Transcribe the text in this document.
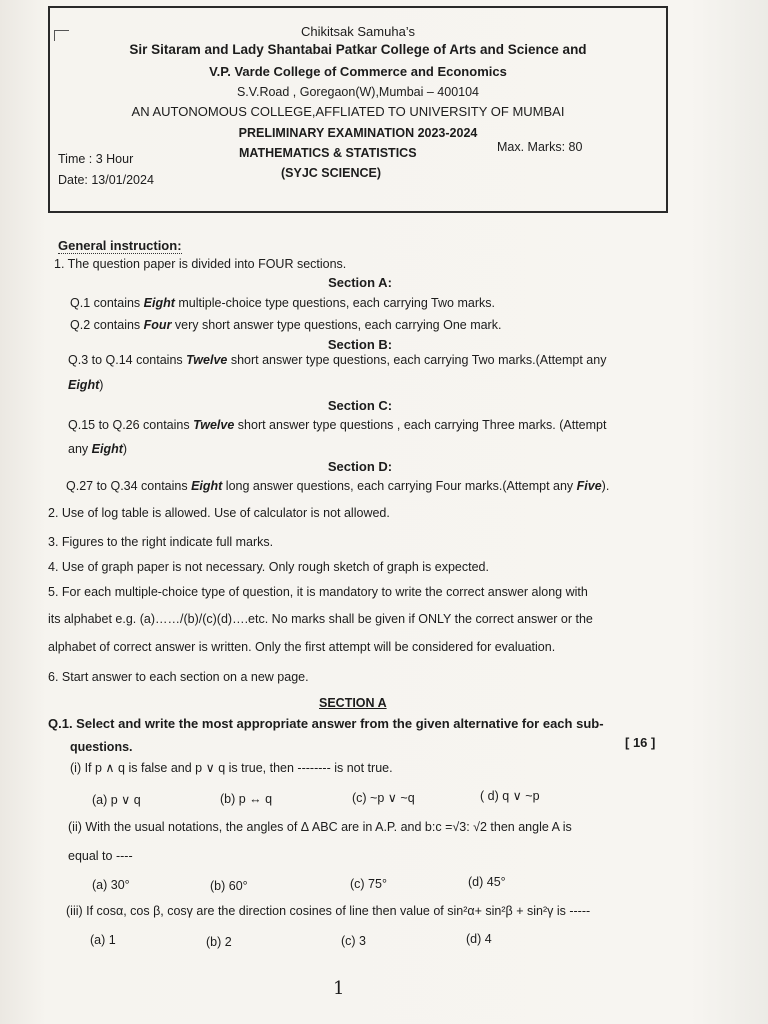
Chikitsak Samuha’s
Sir Sitaram and Lady Shantabai Patkar College of Arts and Science and
V.P. Varde College of Commerce and Economics
S.V.Road , Goregaon(W),Mumbai – 400104
AN AUTONOMOUS COLLEGE,AFFLIATED TO UNIVERSITY OF MUMBAI
PRELIMINARY EXAMINATION 2023-2024
Time : 3 Hour	MATHEMATICS & STATISTICS	Max. Marks: 80
Date: 13/01/2024	(SYJC SCIENCE)
General instruction:
1. The question paper is divided into FOUR sections.
Section A:
Q.1 contains Eight multiple-choice type questions, each carrying Two marks.
Q.2 contains Four very short answer type questions, each carrying One mark.
Section B:
Q.3 to Q.14 contains Twelve short answer type questions, each carrying Two marks.(Attempt any
Eight)
Section C:
Q.15 to Q.26 contains Twelve short answer type questions , each carrying Three marks. (Attempt
any Eight)
Section D:
Q.27 to Q.34 contains Eight long answer questions, each carrying Four marks.(Attempt any Five).
2. Use of log table is allowed. Use of calculator is not allowed.
3. Figures to the right indicate full marks.
4. Use of graph paper is not necessary. Only rough sketch of graph is expected.
5. For each multiple-choice type of question, it is mandatory to write the correct answer along with
its alphabet e.g. (a)……/(b)/(c)(d)….etc. No marks shall be given if ONLY the correct answer or the
alphabet of correct answer is written. Only the first attempt will be considered for evaluation.
6. Start answer to each section on a new page.
SECTION A
Q.1. Select and write the most appropriate answer from the given alternative for each sub-
questions.	[ 16 ]
(i) If p ∧ q is false and p ∨ q is true, then -------- is not true.
(a) p ∨ q	(b) p ↔ q	(c) ~p ∨ ~q	( d) q ∨ ~p
(ii) With the usual notations, the angles of Δ ABC are in A.P. and b:c =√3: √2 then angle A is
equal to ----
(a) 30°	(b) 60°	(c) 75°	(d) 45°
(iii) If cosα, cos β, cosγ are the direction cosines of line then value of sin²α+ sin²β + sin²γ is -----
(a) 1	(b) 2	(c) 3	(d) 4
1
